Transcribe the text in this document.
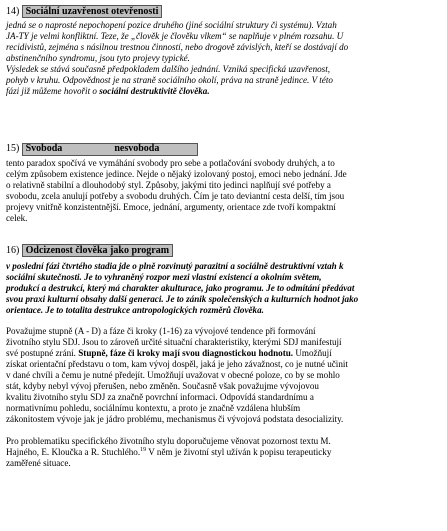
14) Sociální uzavřenost otevřenosti
jedná se o naprosté nepochopení pozice druhého (jiné sociální struktury či systému). Vztah
JA-TY je velmi konfliktní. Teze, že „člověk je člověku vlkem“ se naplňuje v plném rozsahu. U
recidivistů, zejména s násilnou trestnou činností, nebo drogově závislých, kteří se dostávají do
abstinenčního syndromu, jsou tyto projevy typické.
Výsledek se stává současně předpokladem dalšího jednání. Vzniká specifická uzavřenost,
pohyb v kruhu. Odpovědnost je na straně sociálního okolí, práva na straně jedince. V této
fázi již můžeme hovořit o sociální destruktivitě člověka.
15) Svoboda	nesvoboda
tento paradox spočívá ve vymáhání svobody pro sebe a potlačování svobody druhých, a to
celým způsobem existence jedince. Nejde o nějaký izolovaný postoj, emoci nebo jednání. Jde
o relativně stabilní a dlouhodobý styl. Způsoby, jakými tito jedinci naplňují své potřeby a
svobodu, zcela anulují potřeby a svobodu druhých. Čím je tato deviantní cesta delší, tím jsou
projevy vnitřně konzistentnější. Emoce, jednání, argumenty, orientace zde tvoří kompaktní
celek.
16) Odcizenost člověka jako program
v poslední fázi čtvrtého stadia jde o plně rozvinutý parazitní a sociálně destruktivní vztah k
sociální skutečnosti. Je to vyhraněný rozpor mezi vlastní existencí a okolním světem,
produkcí a destrukcí, který má charakter akulturace, jako programu. Je to odmítání předávat
svou praxi kulturní obsahy další generaci. Je to zánik společenských a kulturních hodnot jako
orientace. Je to totalita destrukce antropologických rozměrů člověka.
Považujme stupně (A - D) a fáze či kroky (1-16) za vývojové tendence při formování
životního stylu SDJ. Jsou to zároveň určité situační charakteristiky, kterými SDJ manifestují
své postupné zrání. Stupně, fáze či kroky mají svou diagnostickou hodnotu. Umožňují
získat orientační představu o tom, kam vývoj dospěl, jaká je jeho závažnost, co je nutné učinit
v dané chvíli a čemu je nutné předejít. Umožňují uvažovat v obecné poloze, co by se mohlo
stát, kdyby nebyl vývoj přerušen, nebo změněn. Současně však považujme vývojovou
kvalitu životního stylu SDJ za značně povrchní informaci. Odpovídá standardnímu a
normativnímu pohledu, sociálnímu kontextu, a proto je značně vzdálena hlubším
zákonitostem vývoje jak je jádro problému, mechanismus či vývojová podstata desocializity.
Pro problematiku specifického životního stylu doporučujeme věnovat pozornost textu M.
Hajného, E. Kloučka a R. Stuchlého.$^{19}$ V něm je životní styl užíván k popisu terapeuticky
zaměřené situace.
